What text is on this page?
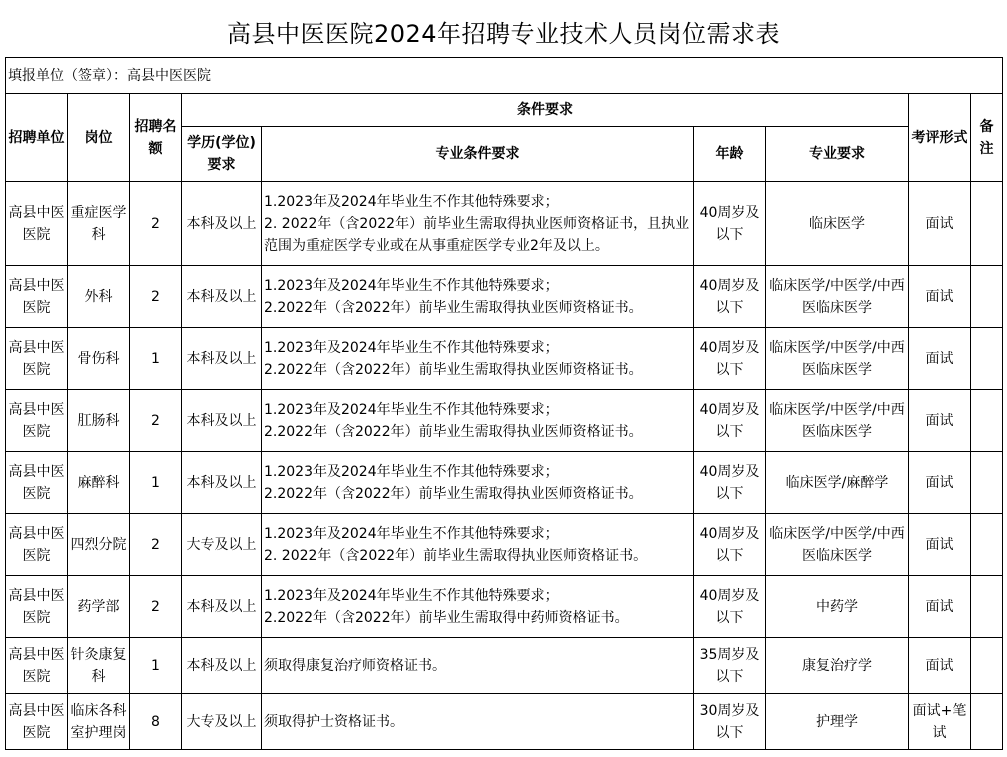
高县中医医院2024年招聘专业技术人员岗位需求表
填报单位（签章）：高县中医医院								
招聘单位	岗位	招聘名额	条件要求				考评形式	备注
			学历(学位)要求	专业条件要求	年龄	专业要求		
高县中医医院	重症医学科	2	本科及以上	1.2023年及2024年毕业生不作其他特殊要求；
2. 2022年（含2022年）前毕业生需取得执业医师资格证书，且执业范围为重症医学专业或在从事重症医学专业2年及以上。	40周岁及以下	临床医学	面试	
高县中医医院	外科	2	本科及以上	1.2023年及2024年毕业生不作其他特殊要求；
2.2022年（含2022年）前毕业生需取得执业医师资格证书。	40周岁及以下	临床医学/中医学/中西医临床医学	面试	
高县中医医院	骨伤科	1	本科及以上	1.2023年及2024年毕业生不作其他特殊要求；
2.2022年（含2022年）前毕业生需取得执业医师资格证书。	40周岁及以下	临床医学/中医学/中西医临床医学	面试	
高县中医医院	肛肠科	2	本科及以上	1.2023年及2024年毕业生不作其他特殊要求；
2.2022年（含2022年）前毕业生需取得执业医师资格证书。	40周岁及以下	临床医学/中医学/中西医临床医学	面试	
高县中医医院	麻醉科	1	本科及以上	1.2023年及2024年毕业生不作其他特殊要求；
2.2022年（含2022年）前毕业生需取得执业医师资格证书。	40周岁及以下	临床医学/麻醉学	面试	
高县中医医院	四烈分院	2	大专及以上	1.2023年及2024年毕业生不作其他特殊要求；
2. 2022年（含2022年）前毕业生需取得执业医师资格证书。	40周岁及以下	临床医学/中医学/中西医临床医学	面试	
高县中医医院	药学部	2	本科及以上	1.2023年及2024年毕业生不作其他特殊要求；
2.2022年（含2022年）前毕业生需取得中药师资格证书。	40周岁及以下	中药学	面试	
高县中医医院	针灸康复科	1	本科及以上	须取得康复治疗师资格证书。	35周岁及以下	康复治疗学	面试	
高县中医医院	临床各科室护理岗	8	大专及以上	须取得护士资格证书。	30周岁及以下	护理学	面试+笔试	
